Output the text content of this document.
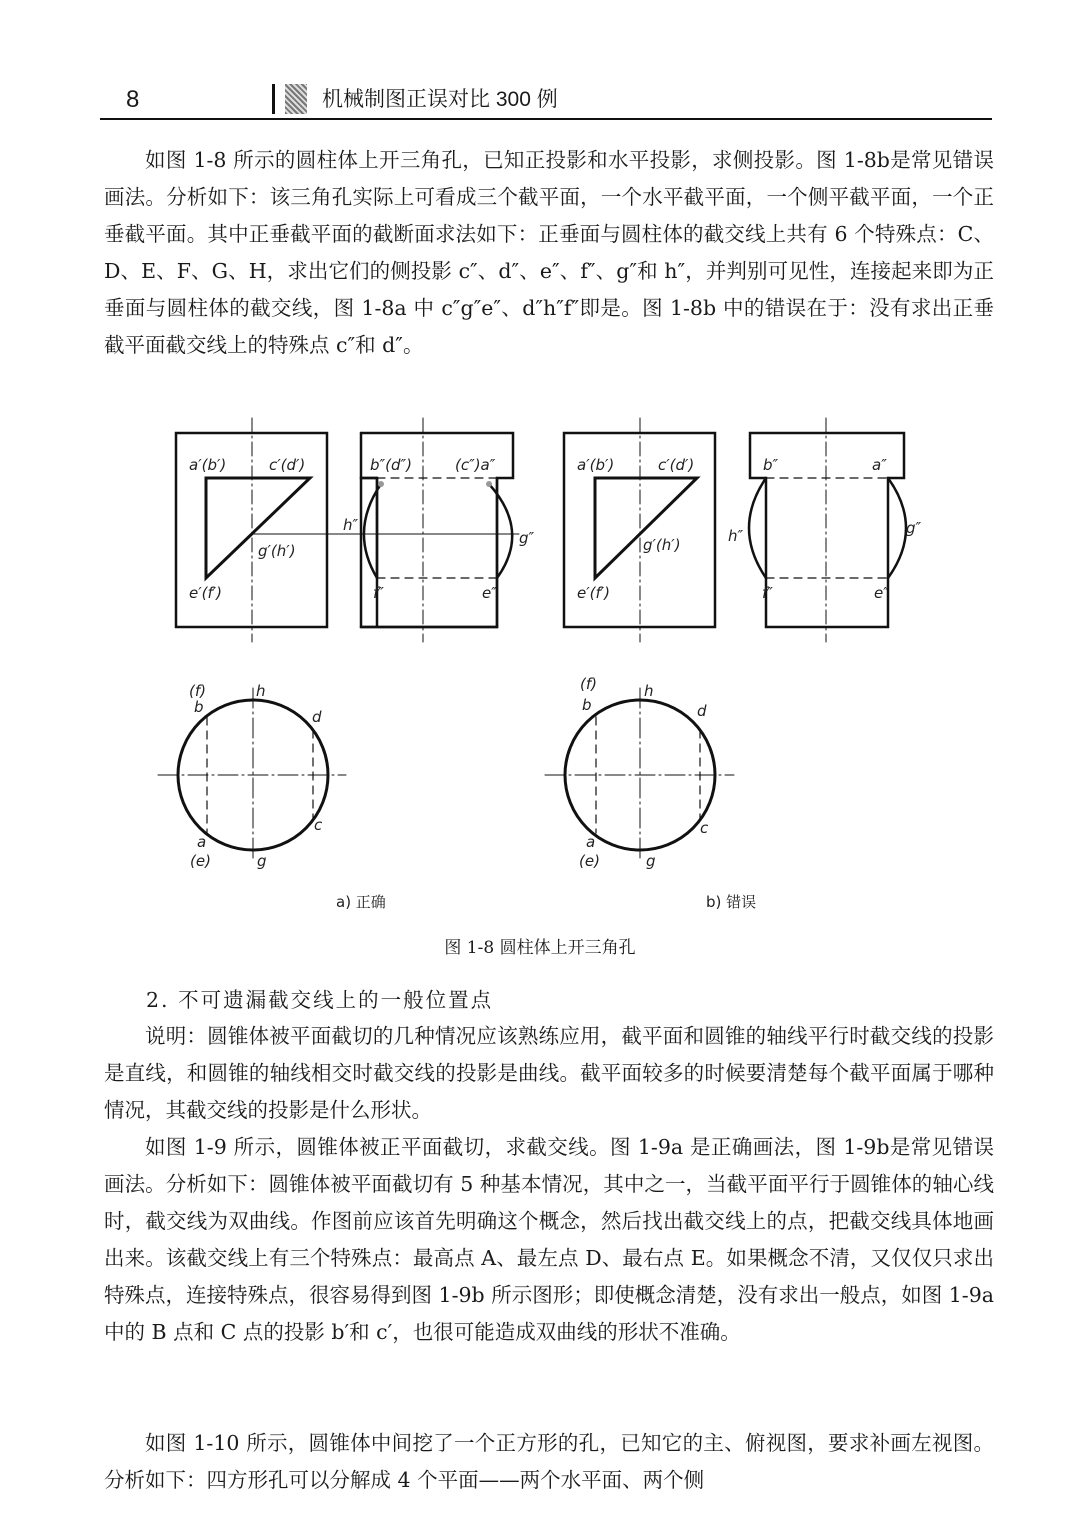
8	机械制图正误对比 300 例

如图 1-8 所示的圆柱体上开三角孔，已知正投影和水平投影，求侧投影。图 1-8b是常见错误画法。分析如下：该三角孔实际上可看成三个截平面，一个水平截平面，一个侧平截平面，一个正垂截平面。其中正垂截平面的截断面求法如下：正垂面与圆柱体的截交线上共有 6 个特殊点：C、D、E、F、G、H，求出它们的侧投影 c″、d″、e″、f″、g″和 h″，并判别可见性，连接起来即为正垂面与圆柱体的截交线，图 1-8a 中 c″g″e″、d″h″f″即是。图 1-8b 中的错误在于：没有求出正垂截平面截交线上的特殊点 c″和 d″。

a′(b′)	c′(d′)
g′(h′)
e′(f′)
b″(d″)	(c″)a″
h″
g″
f″	e″
a′(b′)	c′(d′)
g′(h′)
e′(f′)
b″	a″
h″	g″
f″	e″
(f)
b
h
d
c
a
(e)	g
(f)
b
h
d
c
a
(e)	g
a) 正确	b) 错误
图 1-8 圆柱体上开三角孔

2. 不可遗漏截交线上的一般位置点

说明：圆锥体被平面截切的几种情况应该熟练应用，截平面和圆锥的轴线平行时截交线的投影是直线，和圆锥的轴线相交时截交线的投影是曲线。截平面较多的时候要清楚每个截平面属于哪种情况，其截交线的投影是什么形状。

如图 1-9 所示，圆锥体被正平面截切，求截交线。图 1-9a 是正确画法，图 1-9b是常见错误画法。分析如下：圆锥体被平面截切有 5 种基本情况，其中之一，当截平面平行于圆锥体的轴心线时，截交线为双曲线。作图前应该首先明确这个概念，然后找出截交线上的点，把截交线具体地画出来。该截交线上有三个特殊点：最高点 A、最左点 D、最右点 E。如果概念不清，又仅仅只求出特殊点，连接特殊点，很容易得到图 1-9b 所示图形；即使概念清楚，没有求出一般点，如图 1-9a 中的 B 点和 C 点的投影 b′和 c′，也很可能造成双曲线的形状不准确。

如图 1-10 所示，圆锥体中间挖了一个正方形的孔，已知它的主、俯视图，要求补画左视图。分析如下：四方形孔可以分解成 4 个平面——两个水平面、两个侧
